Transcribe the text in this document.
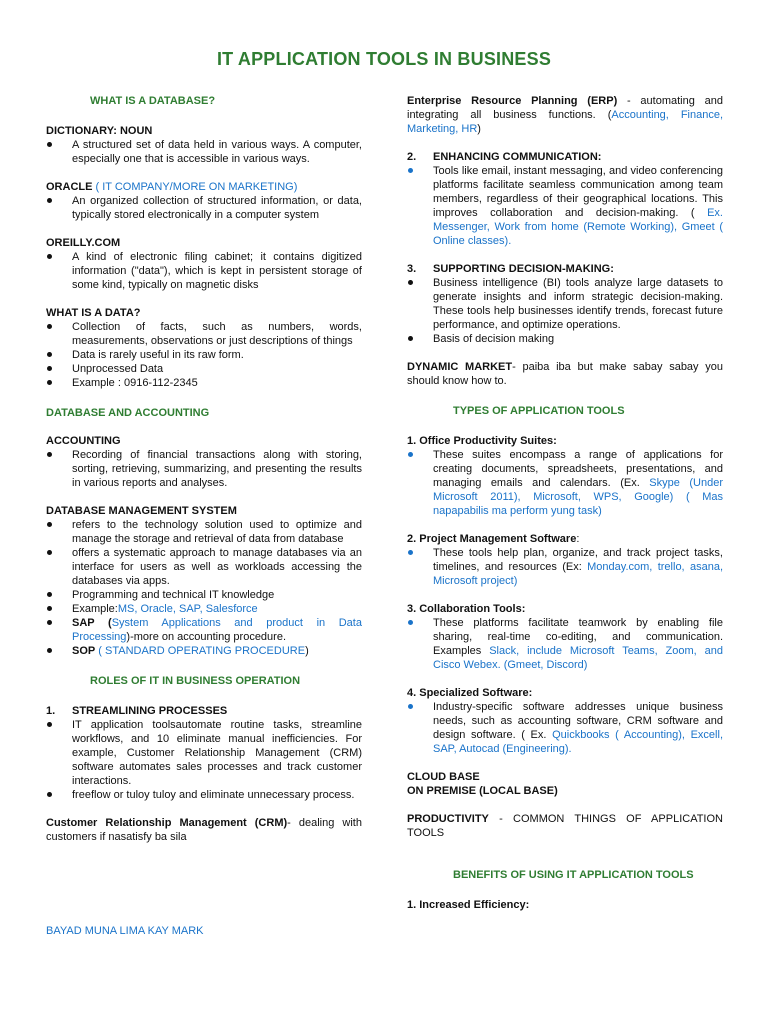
IT APPLICATION TOOLS IN BUSINESS
WHAT IS A DATABASE?
DICTIONARY: NOUN
A structured set of data held in various ways. A computer, especially one that is accessible in various ways.
ORACLE ( IT COMPANY/MORE ON MARKETING)
An organized collection of structured information, or data, typically stored electronically in a computer system
OREILLY.COM
A kind of electronic filing cabinet; it contains digitized information ("data"), which is kept in persistent storage of some kind, typically on magnetic disks
WHAT IS A DATA?
Collection of facts, such as numbers, words, measurements, observations or just descriptions of things
Data is rarely useful in its raw form.
Unprocessed Data
Example : 0916-112-2345
DATABASE AND ACCOUNTING
ACCOUNTING
Recording of financial transactions along with storing, sorting, retrieving, summarizing, and presenting the results in various reports and analyses.
DATABASE MANAGEMENT SYSTEM
refers to the technology solution used to optimize and manage the storage and retrieval of data from database
offers a systematic approach to manage databases via an interface for users as well as workloads accessing the databases via apps.
Programming and technical IT knowledge
Example:MS, Oracle, SAP, Salesforce
SAP (System Applications and product in Data Processing)-more on accounting procedure.
SOP ( STANDARD OPERATING PROCEDURE)
ROLES OF IT IN BUSINESS OPERATION
1.	STREAMLINING PROCESSES
IT application toolsautomate routine tasks, streamline workflows, and 10 eliminate manual inefficiencies. For example, Customer Relationship Management (CRM) software automates sales processes and track customer interactions.
freeflow or tuloy tuloy and eliminate unnecessary process.

Customer Relationship Management (CRM)- dealing with customers if nasatisfy ba sila

BAYAD MUNA LIMA KAY MARK

Enterprise Resource Planning (ERP) - automating and integrating all business functions. (Accounting, Finance, Marketing, HR)

2.	ENHANCING COMMUNICATION:
Tools like email, instant messaging, and video conferencing platforms facilitate seamless communication among team members, regardless of their geographical locations. This improves collaboration and decision-making. ( Ex. Messenger, Work from home (Remote Working), Gmeet ( Online classes).
3.	SUPPORTING DECISION-MAKING:
Business intelligence (BI) tools analyze large datasets to generate insights and inform strategic decision-making. These tools help businesses identify trends, forecast future performance, and optimize operations.
Basis of decision making

DYNAMIC MARKET- paiba iba but make sabay sabay you should know how to.

TYPES OF APPLICATION TOOLS
1. Office Productivity Suites:
These suites encompass a range of applications for creating documents, spreadsheets, presentations, and managing emails and calendars. (Ex. Skype (Under Microsoft 2011), Microsoft, WPS, Google) ( Mas napapabilis ma perform yung task)
2. Project Management Software:
These tools help plan, organize, and track project tasks, timelines, and resources (Ex: Monday.com, trello, asana, Microsoft project)
3. Collaboration Tools:
These platforms facilitate teamwork by enabling file sharing, real-time co-editing, and communication. Examples Slack, include Microsoft Teams, Zoom, and Cisco Webex. (Gmeet, Discord)
4. Specialized Software:
Industry-specific software addresses unique business needs, such as accounting software, CRM software and design software. ( Ex. Quickbooks ( Accounting), Excell, SAP, Autocad (Engineering).
CLOUD BASE
ON PREMISE (LOCAL BASE)

PRODUCTIVITY - COMMON THINGS OF APPLICATION TOOLS

BENEFITS OF USING IT APPLICATION TOOLS
1. Increased Efficiency:
